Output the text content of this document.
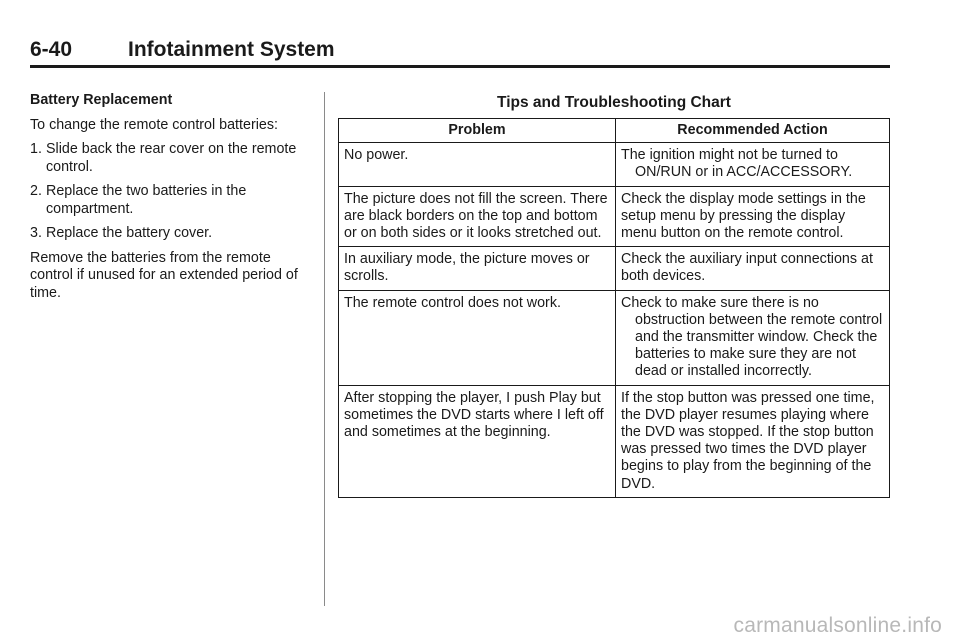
6-40	Infotainment System
Battery Replacement

To change the remote control batteries:

1. Slide back the rear cover on the remote control.
2. Replace the two batteries in the compartment.
3. Replace the battery cover.

Remove the batteries from the remote control if unused for an extended period of time.

Tips and Troubleshooting Chart
Problem	Recommended Action
No power.	The ignition might not be turned to ON/RUN or in ACC/ACCESSORY.

The picture does not fill the screen. There are black borders on the top and bottom or on both sides or it looks stretched out.	Check the display mode settings in the setup menu by pressing the display menu button on the remote control.
In auxiliary mode, the picture moves or scrolls.	Check the auxiliary input connections at both devices.
The remote control does not work.	Check to make sure there is no obstruction between the remote control and the transmitter window. Check the batteries to make sure they are not dead or installed incorrectly.

After stopping the player, I push Play but sometimes the DVD starts where I left off and sometimes at the beginning.	If the stop button was pressed one time, the DVD player resumes playing where the DVD was stopped. If the stop button was pressed two times the DVD player begins to play from the beginning of the DVD.
carmanualsonline.info
